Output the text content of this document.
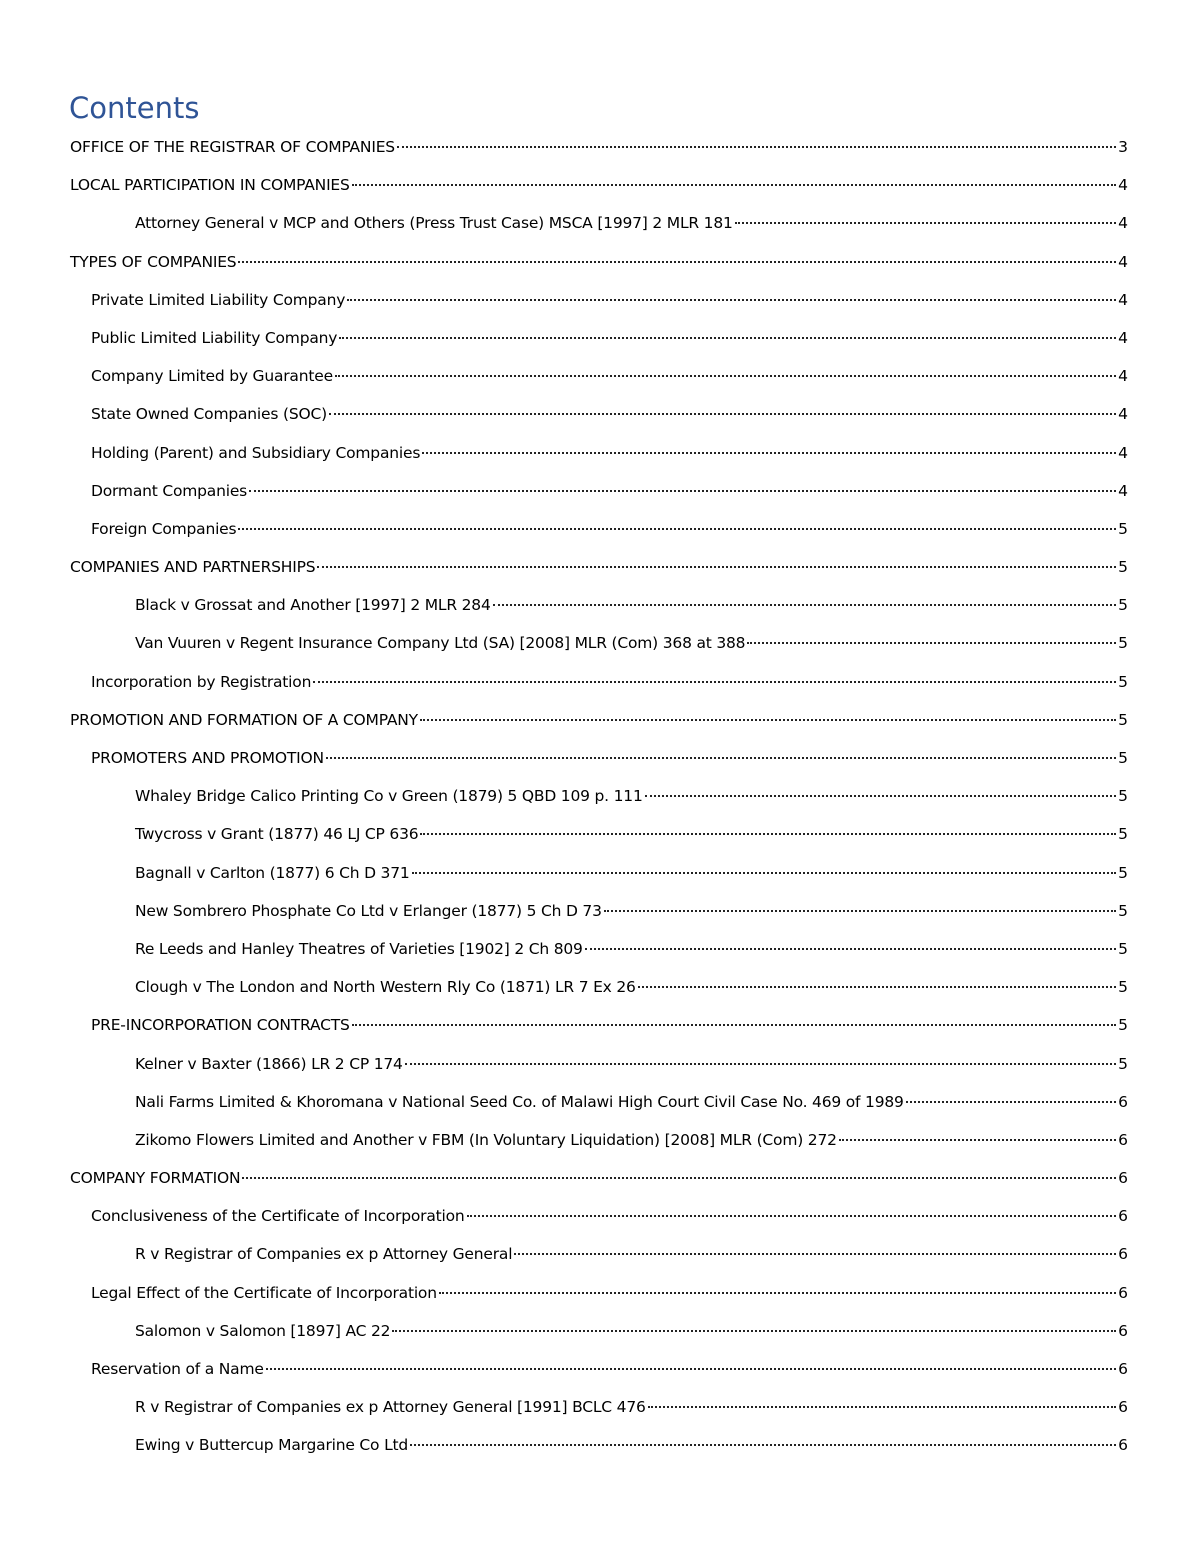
Contents
OFFICE OF THE REGISTRAR OF COMPANIES	3
LOCAL PARTICIPATION IN COMPANIES	4
Attorney General v MCP and Others (Press Trust Case) MSCA [1997] 2 MLR 181	4
TYPES OF COMPANIES	4
Private Limited Liability Company	4
Public Limited Liability Company	4
Company Limited by Guarantee	4
State Owned Companies (SOC)	4
Holding (Parent) and Subsidiary Companies	4
Dormant Companies	4
Foreign Companies	5
COMPANIES AND PARTNERSHIPS	5
Black v Grossat and Another [1997] 2 MLR 284	5
Van Vuuren v Regent Insurance Company Ltd (SA) [2008] MLR (Com) 368 at 388	5
Incorporation by Registration	5
PROMOTION AND FORMATION OF A COMPANY	5
PROMOTERS AND PROMOTION	5
Whaley Bridge Calico Printing Co v Green (1879) 5 QBD 109 p. 111	5
Twycross v Grant (1877) 46 LJ CP 636	5
Bagnall v Carlton (1877) 6 Ch D 371	5
New Sombrero Phosphate Co Ltd v Erlanger (1877) 5 Ch D 73	5
Re Leeds and Hanley Theatres of Varieties [1902] 2 Ch 809	5
Clough v The London and North Western Rly Co (1871) LR 7 Ex 26	5
PRE-INCORPORATION CONTRACTS	5
Kelner v Baxter (1866) LR 2 CP 174	5
Nali Farms Limited & Khoromana v National Seed Co. of Malawi High Court Civil Case No. 469 of 1989	6
Zikomo Flowers Limited and Another v FBM (In Voluntary Liquidation) [2008] MLR (Com) 272	6
COMPANY FORMATION	6
Conclusiveness of the Certificate of Incorporation	6
R v Registrar of Companies ex p Attorney General	6
Legal Effect of the Certificate of Incorporation	6
Salomon v Salomon [1897] AC 22	6
Reservation of a Name	6
R v Registrar of Companies ex p Attorney General [1991] BCLC 476	6
Ewing v Buttercup Margarine Co Ltd	6
